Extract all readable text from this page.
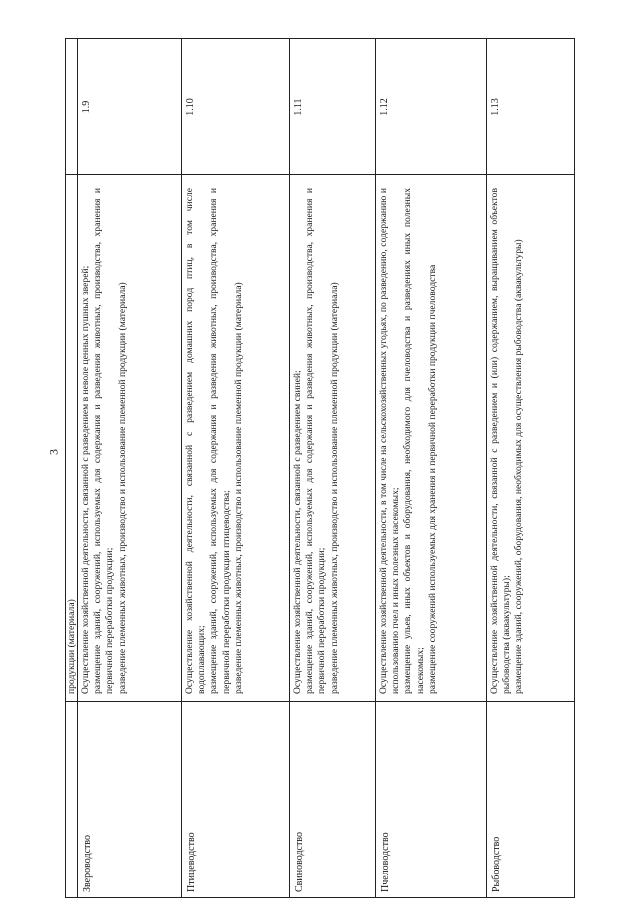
3
продукции (материала)
Звероводство
Осуществление хозяйственной деятельности, связанной с разведением в неволе ценных пушных зверей; размещение зданий, сооружений, используемых для содержания и разведения животных, производства, хранения и первичной переработки продукции; разведение племенных животных, производство и использование племенной продукции (материала)
1.9
Птицеводство
Осуществление хозяйственной деятельности, связанной с разведением домашних пород птиц, в том числе водоплавающих; размещение зданий, сооружений, используемых для содержания и разведения животных, производства, хранения и первичной переработки продукции птицеводства; разведение племенных животных, производство и использование племенной продукции (материала)
1.10
Свиноводство
Осуществление хозяйственной деятельности, связанной с разведением свиней; размещение зданий, сооружений, используемых для содержания и разведения животных, производства, хранения и первичной переработки продукции; разведение племенных животных, производство и использование племенной продукции (материала)
1.11
Пчеловодство
Осуществление хозяйственной деятельности, в том числе на сельскохозяйственных угодьях, по разведению, содержанию и использованию пчел и иных полезных насекомых; размещение ульев, иных объектов и оборудования, необходимого для пчеловодства и разведениях иных полезных насекомых; размещение сооружений используемых для хранения и первичной переработки продукции пчеловодства
1.12
Рыбоводство
Осуществление хозяйственной деятельности, связанной с разведением и (или) содержанием, выращиванием объектов рыбоводства (аквакультуры); размещение зданий, сооружений, оборудования, необходимых для осуществления рыбоводства (аквакультуры)
1.13
